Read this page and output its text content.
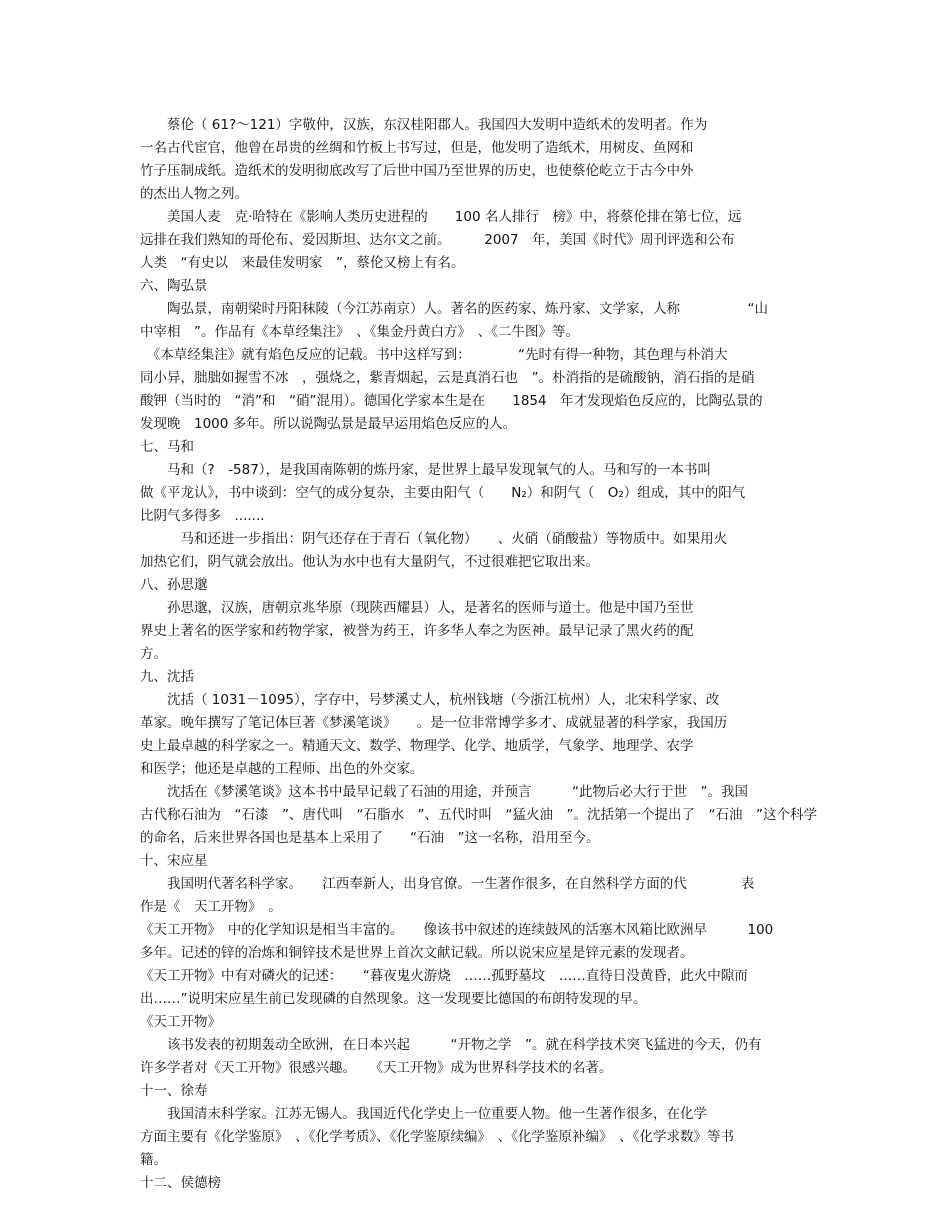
　　蔡伦（ 61?～121）字敬仲，汉族，东汉桂阳郡人。我国四大发明中造纸术的发明者。作为
一名古代宦官，他曾在昂贵的丝绸和竹板上书写过，但是，他发明了造纸术，用树皮、鱼网和
竹子压制成纸。造纸术的发明彻底改写了后世中国乃至世界的历史，也使蔡伦屹立于古今中外
的杰出人物之列。
　　美国人麦　克·哈特在《影响人类历史进程的　　100 名人排行　榜》中，将蔡伦排在第七位，远
远排在我们熟知的哥伦布、爱因斯坦、达尔文之前。　　　2007　年，美国《时代》周刊评选和公布
人类　“有史以　来最佳发明家　”，蔡伦又榜上有名。
六、陶弘景
　　陶弘景，南朝梁时丹阳秣陵（今江苏南京）人。著名的医药家、炼丹家、文学家，人称　　　　　“山
中宰相　”。作品有《本草经集注》　、《集金丹黄白方》　、《二牛图》等。
　《本草经集注》就有焰色反应的记载。书中这样写到：　　　　“先时有得一种物，其色理与朴消大
同小异，朏朏如握雪不冰　，强烧之，紫青烟起，云是真消石也　”。朴消指的是硫酸钠，消石指的是硝
酸钾（当时的　“消”和　“硝”混用）。德国化学家本生是在　　1854　年才发现焰色反应的，比陶弘景的
发现晚　1000 多年。所以说陶弘景是最早运用焰色反应的人。
七、马和
　　马和（?　-587），是我国南陈朝的炼丹家，是世界上最早发现氧气的人。马和写的一本书叫
做《平龙认》，书中谈到：空气的成分复杂，主要由阳气（　　N₂）和阴气（　O₂）组成，其中的阳气
比阴气多得多　.......
　　　马和还进一步指出：阴气还存在于青石（氧化物）　　、火硝（硝酸盐）等物质中。如果用火
加热它们，阴气就会放出。他认为水中也有大量阴气，不过很难把它取出来。
八、孙思邈
　　孙思邈，汉族，唐朝京兆华原（现陕西耀县）人，是著名的医师与道士。他是中国乃至世
界史上著名的医学家和药物学家，被誉为药王，许多华人奉之为医神。最早记录了黑火药的配
方。
九、沈括
　　沈括（ 1031－1095），字存中，号梦溪丈人，杭州钱塘（今浙江杭州）人，北宋科学家、改
革家。晚年撰写了笔记体巨著《梦溪笔谈》　　。是一位非常博学多才、成就显著的科学家，我国历
史上最卓越的科学家之一。精通天文、数学、物理学、化学、地质学，气象学、地理学、农学
和医学；他还是卓越的工程师、出色的外交家。
　　沈括在《梦溪笔谈》这本书中最早记载了石油的用途，并预言　　　“此物后必大行于世　”。我国
古代称石油为　“石漆　”、唐代叫　“石脂水　”、五代时叫　“猛火油　”。沈括第一个提出了　“石油　”这个科学
的命名，后来世界各国也是基本上采用了　　“石油　”这一名称，沿用至今。
十、宋应星
　　我国明代著名科学家。　　江西奉新人，出身官僚。一生著作很多，在自然科学方面的代　　　　表
作是《　天工开物》　。
《天工开物》　中的化学知识是相当丰富的。　　像该书中叙述的连续鼓风的活塞木风箱比欧洲早　　　100
多年。记述的锌的冶炼和铜锌技术是世界上首次文献记载。所以说宋应星是锌元素的发现者。
《天工开物》中有对磷火的记述：　　“暮夜鬼火游烧　……孤野墓坟　……直待日没黄昏，此火中隙而
出……”说明宋应星生前已发现磷的自然现象。这一发现要比德国的布朗特发现的早。
《天工开物》
　　该书发表的初期轰动全欧洲，在日本兴起　　　“开物之学　”。就在科学技术突飞猛进的今天，仍有
许多学者对《天工开物》很感兴趣。　　《天工开物》成为世界科学技术的名著。
十一、徐寿
　　我国清末科学家。江苏无锡人。我国近代化学史上一位重要人物。他一生著作很多，在化学
方面主要有《化学鉴原》　、《化学考质》、《化学鉴原续编》　、《化学鉴原补编》　、《化学求数》等书
籍。
十二、侯德榜
